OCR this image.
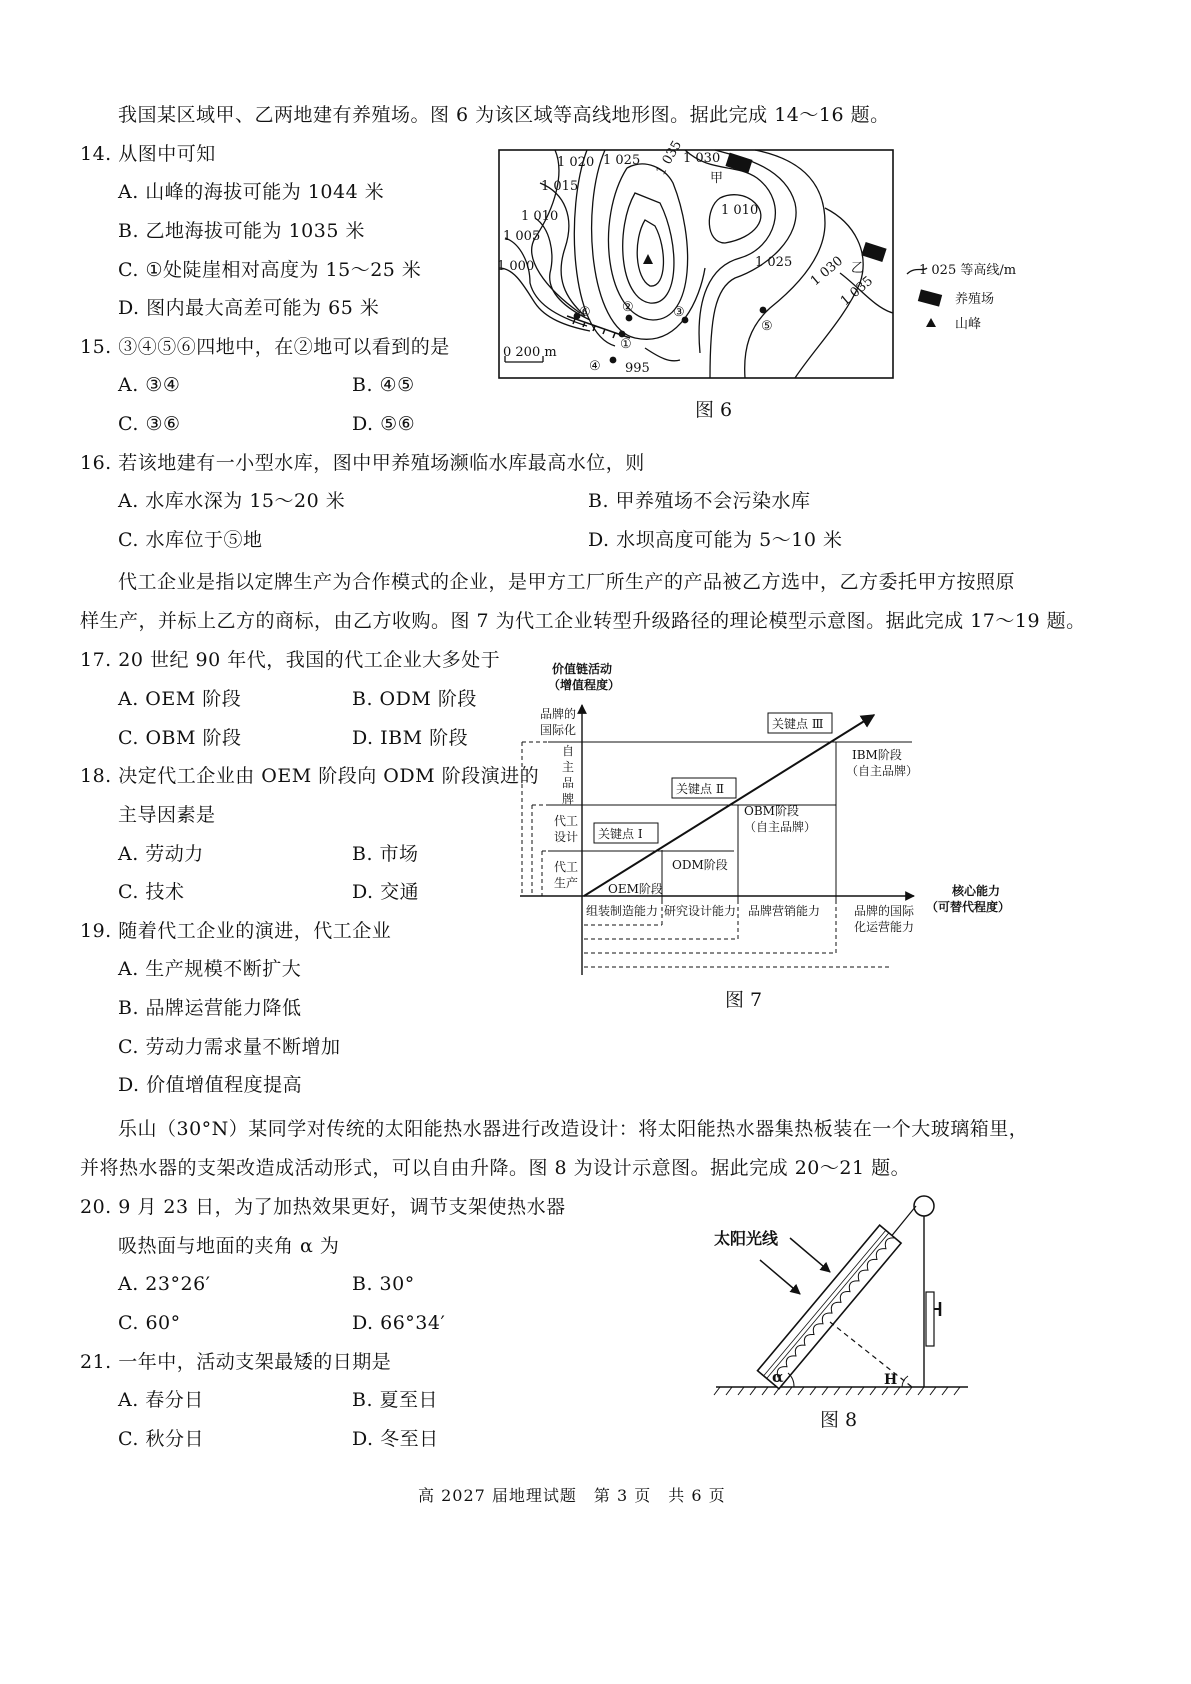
我国某区域甲、乙两地建有养殖场。图 6 为该区域等高线地形图。据此完成 14～16 题。
14. 从图中可知
A. 山峰的海拔可能为 1044 米
B. 乙地海拔可能为 1035 米
C. ①处陡崖相对高度为 15～25 米
D. 图内最大高差可能为 65 米
15. ③④⑤⑥四地中，在②地可以看到的是
A. ③④	B. ④⑤
C. ③⑥	D. ⑤⑥
16. 若该地建有一小型水库，图中甲养殖场濒临水库最高水位，则
A. 水库水深为 15～20 米	B. 甲养殖场不会污染水库
C. 水库位于⑤地	D. 水坝高度可能为 5～10 米
1 020 1 025 1 035
1 030
1 015
1 010
1 005
1 000
1 010
1 025 1 030
1 035
995
甲
乙
①
②	③
④
⑤
⑥
0 200 m
1 025 等高线/m
养殖场
山峰
图 6
代工企业是指以定牌生产为合作模式的企业，是甲方工厂所生产的产品被乙方选中，乙方委托甲方按照原
样生产，并标上乙方的商标，由乙方收购。图 7 为代工企业转型升级路径的理论模型示意图。据此完成 17～19 题。
17. 20 世纪 90 年代，我国的代工企业大多处于
A. OEM 阶段	B. ODM 阶段
C. OBM 阶段	D. IBM 阶段
18. 决定代工企业由 OEM 阶段向 ODM 阶段演进的
主导因素是
A. 劳动力	B. 市场
C. 技术	D. 交通
19. 随着代工企业的演进，代工企业
A. 生产规模不断扩大
B. 品牌运营能力降低
C. 劳动力需求量不断增加
D. 价值增值程度提高
价值链活动
（增值程度）
核心能力
（可替代程度）
品牌的
国际化
自
主
品
牌
代工
设计
代工
生产
关键点 Ⅰ
关键点 Ⅱ
关键点 Ⅲ
OEM阶段
ODM阶段
OBM阶段
（自主品牌）
IBM阶段
（自主品牌）
组装制造能力 研究设计能力 品牌营销能力	品牌的国际
化运营能力
图 7
乐山（30°N）某同学对传统的太阳能热水器进行改造设计：将太阳能热水器集热板装在一个大玻璃箱里，
并将热水器的支架改造成活动形式，可以自由升降。图 8 为设计示意图。据此完成 20～21 题。
20. 9 月 23 日，为了加热效果更好，调节支架使热水器
吸热面与地面的夹角 α 为
A. 23°26′	B. 30°
C. 60°	D. 66°34′
21. 一年中，活动支架最矮的日期是
A. 春分日	B. 夏至日
C. 秋分日	D. 冬至日
太阳光线
α	H
图 8
高 2027 届地理试题　第 3 页　共 6 页
